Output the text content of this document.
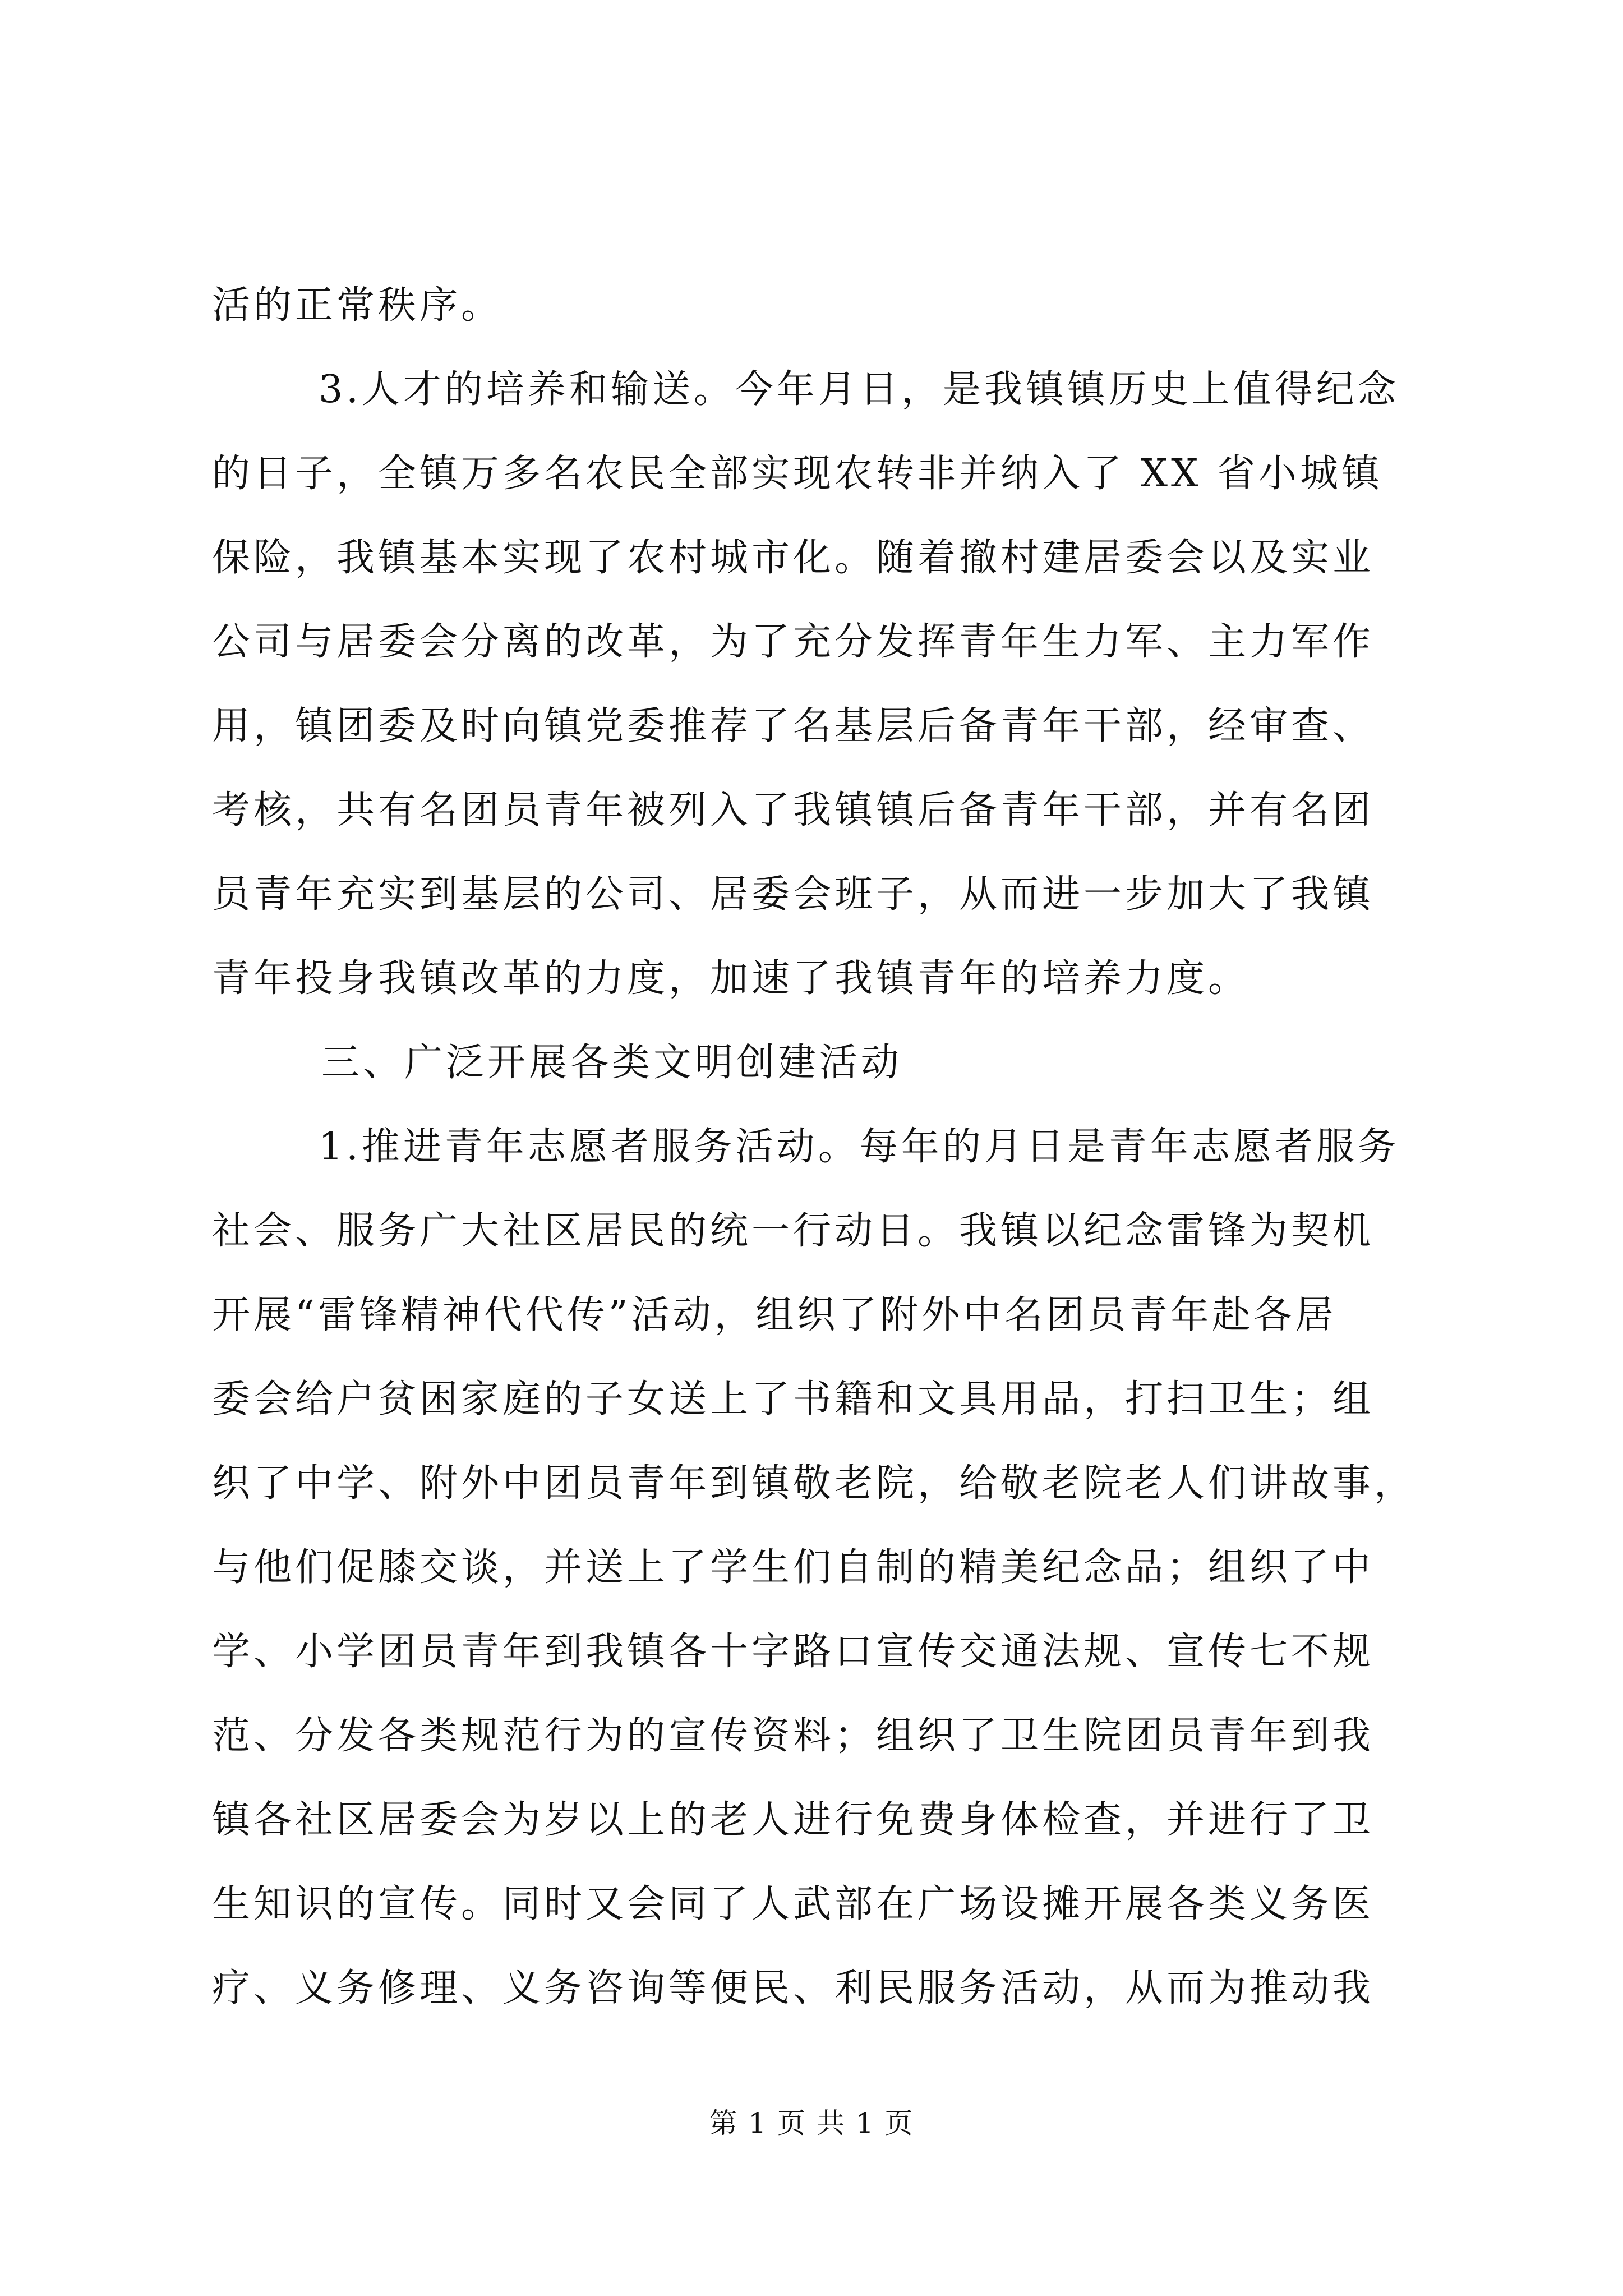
活的正常秩序。
3.人才的培养和输送。今年月日，是我镇镇历史上值得纪念
的日子，全镇万多名农民全部实现农转非并纳入了 XX 省小城镇
保险，我镇基本实现了农村城市化。随着撤村建居委会以及实业
公司与居委会分离的改革，为了充分发挥青年生力军、主力军作
用，镇团委及时向镇党委推荐了名基层后备青年干部，经审查、
考核，共有名团员青年被列入了我镇镇后备青年干部，并有名团
员青年充实到基层的公司、居委会班子，从而进一步加大了我镇
青年投身我镇改革的力度，加速了我镇青年的培养力度。
三、广泛开展各类文明创建活动
1.推进青年志愿者服务活动。每年的月日是青年志愿者服务
社会、服务广大社区居民的统一行动日。我镇以纪念雷锋为契机
开展“雷锋精神代代传”活动，组织了附外中名团员青年赴各居
委会给户贫困家庭的子女送上了书籍和文具用品，打扫卫生；组
织了中学、附外中团员青年到镇敬老院，给敬老院老人们讲故事，
与他们促膝交谈，并送上了学生们自制的精美纪念品；组织了中
学、小学团员青年到我镇各十字路口宣传交通法规、宣传七不规
范、分发各类规范行为的宣传资料；组织了卫生院团员青年到我
镇各社区居委会为岁以上的老人进行免费身体检查，并进行了卫
生知识的宣传。同时又会同了人武部在广场设摊开展各类义务医
疗、义务修理、义务咨询等便民、利民服务活动，从而为推动我
第 1 页 共 1 页
